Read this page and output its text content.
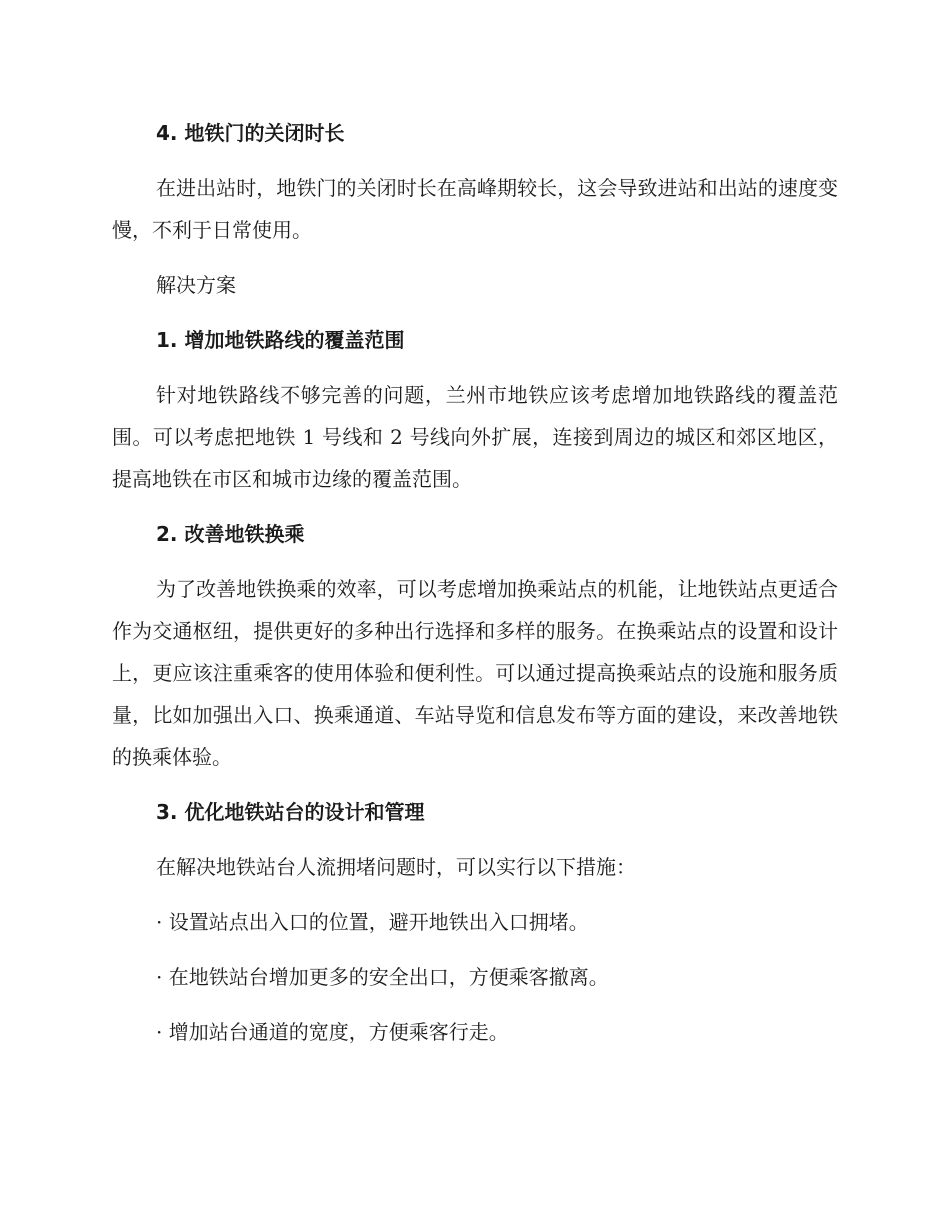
4. 地铁门的关闭时长

在进出站时，地铁门的关闭时长在高峰期较长，这会导致进站和出站的速度变慢，不利于日常使用。

解决方案

1. 增加地铁路线的覆盖范围

针对地铁路线不够完善的问题，兰州市地铁应该考虑增加地铁路线的覆盖范围。可以考虑把地铁 1 号线和 2 号线向外扩展，连接到周边的城区和郊区地区，提高地铁在市区和城市边缘的覆盖范围。

2. 改善地铁换乘

为了改善地铁换乘的效率，可以考虑增加换乘站点的机能，让地铁站点更适合作为交通枢纽，提供更好的多种出行选择和多样的服务。在换乘站点的设置和设计上，更应该注重乘客的使用体验和便利性。可以通过提高换乘站点的设施和服务质量，比如加强出入口、换乘通道、车站导览和信息发布等方面的建设，来改善地铁的换乘体验。

3. 优化地铁站台的设计和管理

在解决地铁站台人流拥堵问题时，可以实行以下措施：

· 设置站点出入口的位置，避开地铁出入口拥堵。

· 在地铁站台增加更多的安全出口，方便乘客撤离。

· 增加站台通道的宽度，方便乘客行走。
